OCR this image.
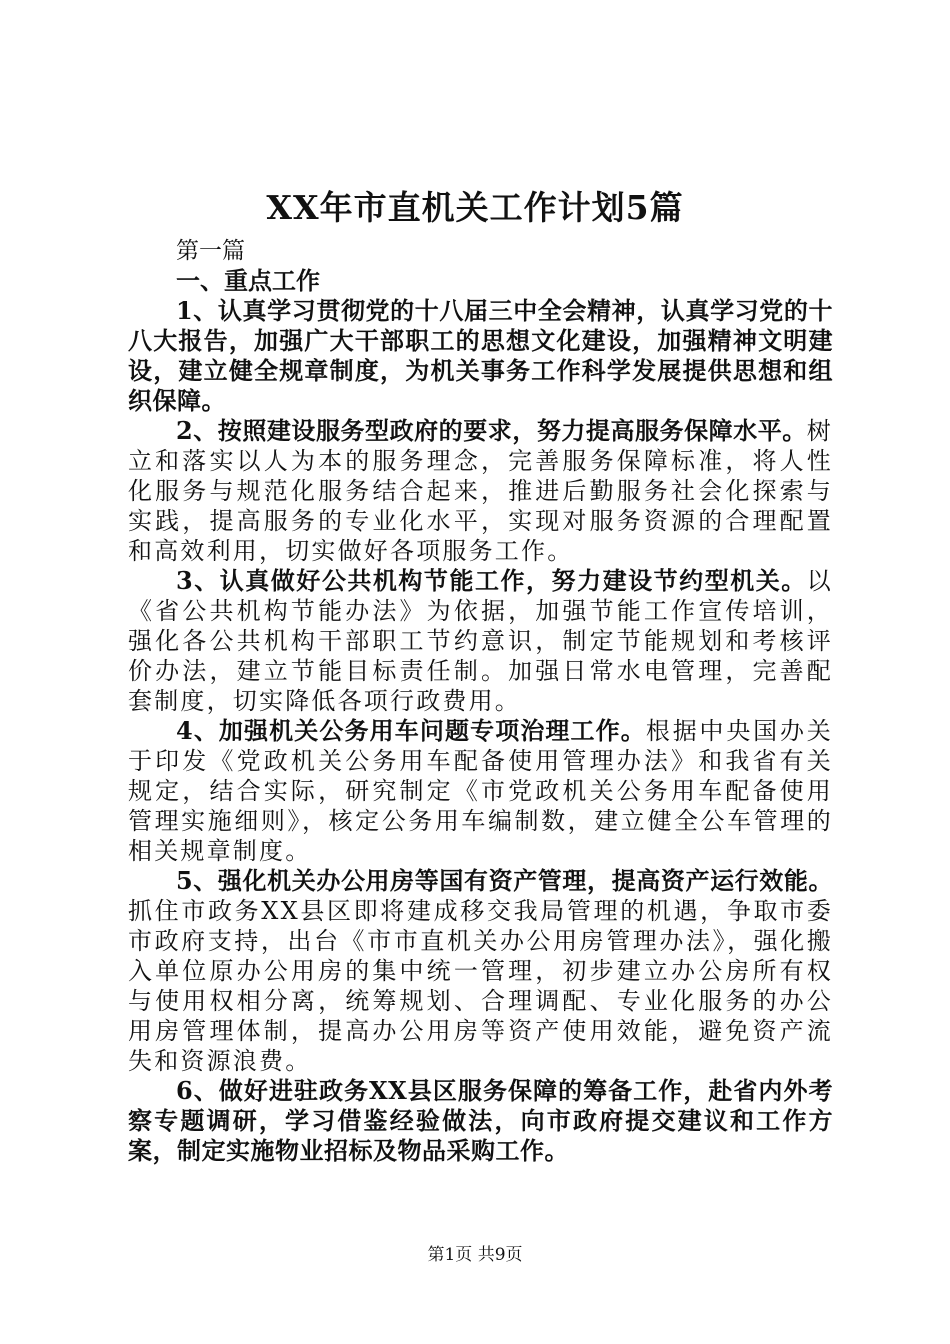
XX年市直机关工作计划5篇

第一篇

一、重点工作

1、认真学习贯彻党的十八届三中全会精神，认真学习党的十八大报告，加强广大干部职工的思想文化建设，加强精神文明建设，建立健全规章制度，为机关事务工作科学发展提供思想和组织保障。

2、按照建设服务型政府的要求，努力提高服务保障水平。树立和落实以人为本的服务理念，完善服务保障标准，将人性化服务与规范化服务结合起来，推进后勤服务社会化探索与实践，提高服务的专业化水平，实现对服务资源的合理配置和高效利用，切实做好各项服务工作。

3、认真做好公共机构节能工作，努力建设节约型机关。以《省公共机构节能办法》为依据，加强节能工作宣传培训，强化各公共机构干部职工节约意识，制定节能规划和考核评价办法，建立节能目标责任制。加强日常水电管理，完善配套制度，切实降低各项行政费用。

4、加强机关公务用车问题专项治理工作。根据中央国办关于印发《党政机关公务用车配备使用管理办法》和我省有关规定，结合实际，研究制定《市党政机关公务用车配备使用管理实施细则》，核定公务用车编制数，建立健全公车管理的相关规章制度。

5、强化机关办公用房等国有资产管理，提高资产运行效能。抓住市政务XX县区即将建成移交我局管理的机遇，争取市委市政府支持，出台《市市直机关办公用房管理办法》，强化搬入单位原办公用房的集中统一管理，初步建立办公房所有权与使用权相分离，统筹规划、合理调配、专业化服务的办公用房管理体制，提高办公用房等资产使用效能，避免资产流失和资源浪费。

6、做好进驻政务XX县区服务保障的筹备工作，赴省内外考察专题调研，学习借鉴经验做法，向市政府提交建议和工作方案，制定实施物业招标及物品采购工作。

第1页 共9页
